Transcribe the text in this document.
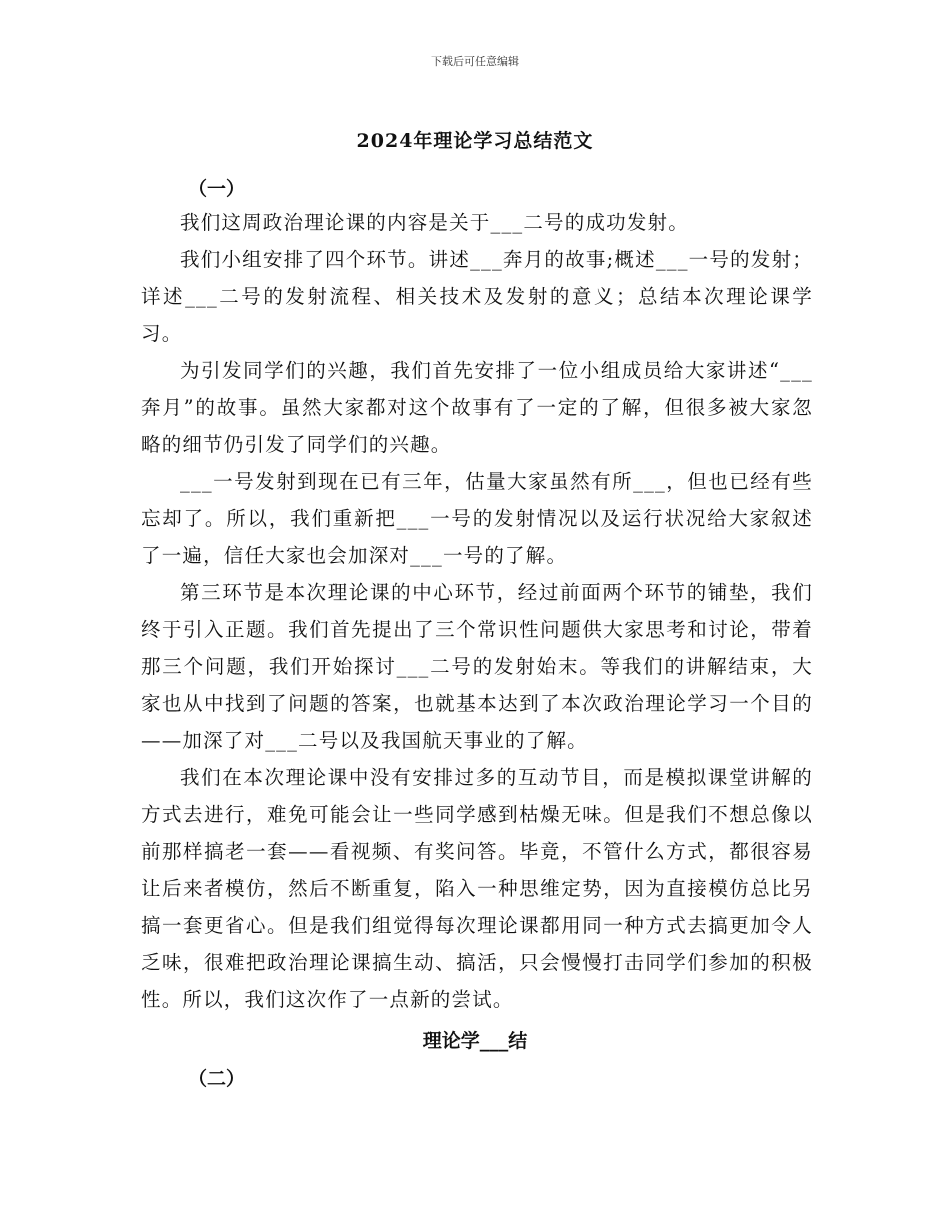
下载后可任意编辑
2024年理论学习总结范文
（一）

我们这周政治理论课的内容是关于___二号的成功发射。

我们小组安排了四个环节。讲述___奔月的故事;概述___一号的发射；详述___二号的发射流程、相关技术及发射的意义；总结本次理论课学习。

为引发同学们的兴趣，我们首先安排了一位小组成员给大家讲述“___奔月”的故事。虽然大家都对这个故事有了一定的了解，但很多被大家忽略的细节仍引发了同学们的兴趣。

___一号发射到现在已有三年，估量大家虽然有所___，但也已经有些忘却了。所以，我们重新把___一号的发射情况以及运行状况给大家叙述了一遍，信任大家也会加深对___一号的了解。

第三环节是本次理论课的中心环节，经过前面两个环节的铺垫，我们终于引入正题。我们首先提出了三个常识性问题供大家思考和讨论，带着那三个问题，我们开始探讨___二号的发射始末。等我们的讲解结束，大家也从中找到了问题的答案，也就基本达到了本次政治理论学习一个目的——加深了对___二号以及我国航天事业的了解。

我们在本次理论课中没有安排过多的互动节目，而是模拟课堂讲解的方式去进行，难免可能会让一些同学感到枯燥无味。但是我们不想总像以前那样搞老一套——看视频、有奖问答。毕竟，不管什么方式，都很容易让后来者模仿，然后不断重复，陷入一种思维定势，因为直接模仿总比另搞一套更省心。但是我们组觉得每次理论课都用同一种方式去搞更加令人乏味，很难把政治理论课搞生动、搞活，只会慢慢打击同学们参加的积极性。所以，我们这次作了一点新的尝试。

理论学___结
（二）
